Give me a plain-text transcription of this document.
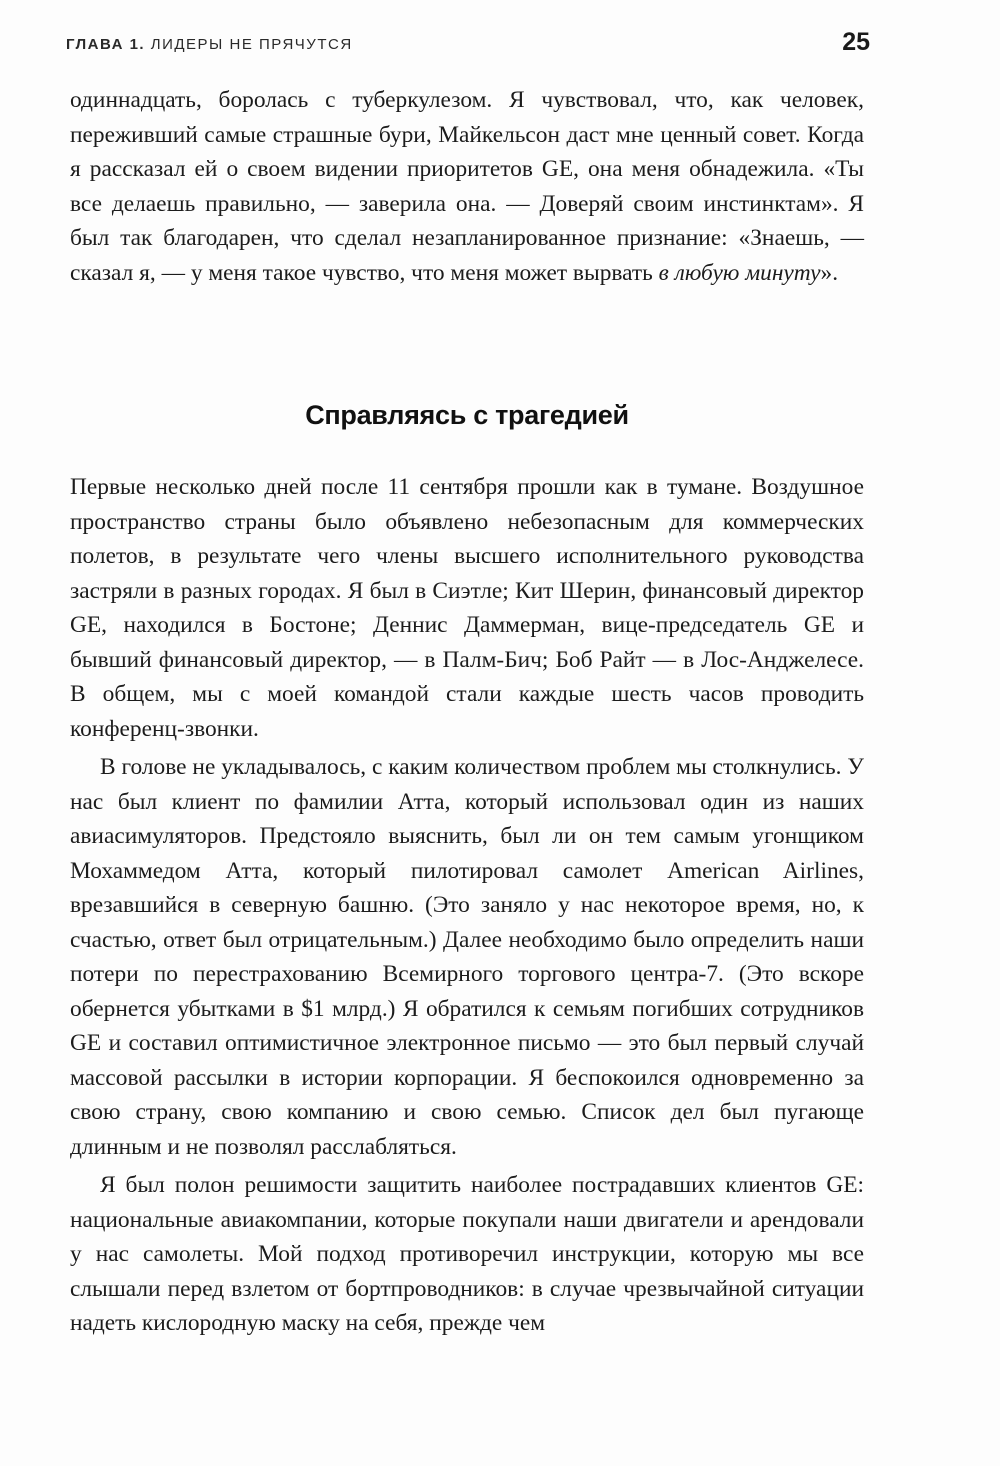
ГЛАВА 1. ЛИДЕРЫ НЕ ПРЯЧУТСЯ	25

одиннадцать, боролась с туберкулезом. Я чувствовал, что, как человек, переживший самые страшные бури, Майкельсон даст мне ценный совет. Когда я рассказал ей о своем видении приоритетов GE, она меня обнадежила. «Ты все делаешь правильно, — заверила она. — Доверяй своим инстинктам». Я был так благодарен, что сделал незапланированное признание: «Знаешь, — сказал я, — у меня такое чувство, что меня может вырвать в любую минуту».

Справляясь с трагедией

Первые несколько дней после 11 сентября прошли как в тумане. Воздушное пространство страны было объявлено небезопасным для коммерческих полетов, в результате чего члены высшего исполнительного руководства застряли в разных городах. Я был в Сиэтле; Кит Шерин, финансовый директор GE, находился в Бостоне; Деннис Даммерман, вице-председатель GE и бывший финансовый директор, — в Палм-Бич; Боб Райт — в Лос-Анджелесе. В общем, мы с моей командой стали каждые шесть часов проводить конференц-звонки.

В голове не укладывалось, с каким количеством проблем мы столкнулись. У нас был клиент по фамилии Атта, который использовал один из наших авиасимуляторов. Предстояло выяснить, был ли он тем самым угонщиком Мохаммедом Атта, который пилотировал самолет American Airlines, врезавшийся в северную башню. (Это заняло у нас некоторое время, но, к счастью, ответ был отрицательным.) Далее необходимо было определить наши потери по перестрахованию Всемирного торгового центра-7. (Это вскоре обернется убытками в $1 млрд.) Я обратился к семьям погибших сотрудников GE и составил оптимистичное электронное письмо — это был первый случай массовой рассылки в истории корпорации. Я беспокоился одновременно за свою страну, свою компанию и свою семью. Список дел был пугающе длинным и не позволял расслабляться.

Я был полон решимости защитить наиболее пострадавших клиентов GE: национальные авиакомпании, которые покупали наши двигатели и арендовали у нас самолеты. Мой подход противоречил инструкции, которую мы все слышали перед взлетом от бортпроводников: в случае чрезвычайной ситуации надеть кислородную маску на себя, прежде чем
